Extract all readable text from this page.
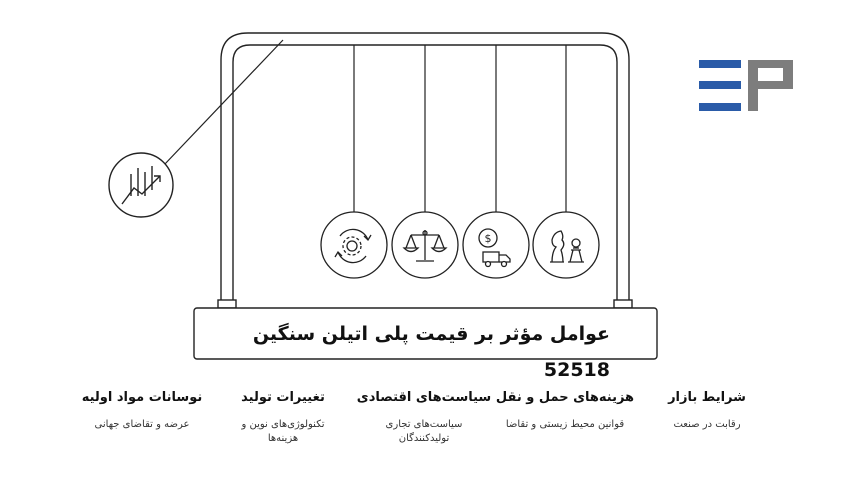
$
عوامل مؤثر بر قیمت پلی اتیلن سنگین 52518
شرایط بازار
رقابت در صنعت
هزینه‌های حمل و نقل
قوانین محیط زیستی و تقاضا
سیاست‌های اقتصادی
سیاست‌های تجاری تولیدکنندگان
تغییرات تولید
تکنولوژی‌های نوین و هزینه‌ها
نوسانات مواد اولیه
عرضه و تقاضای جهانی
